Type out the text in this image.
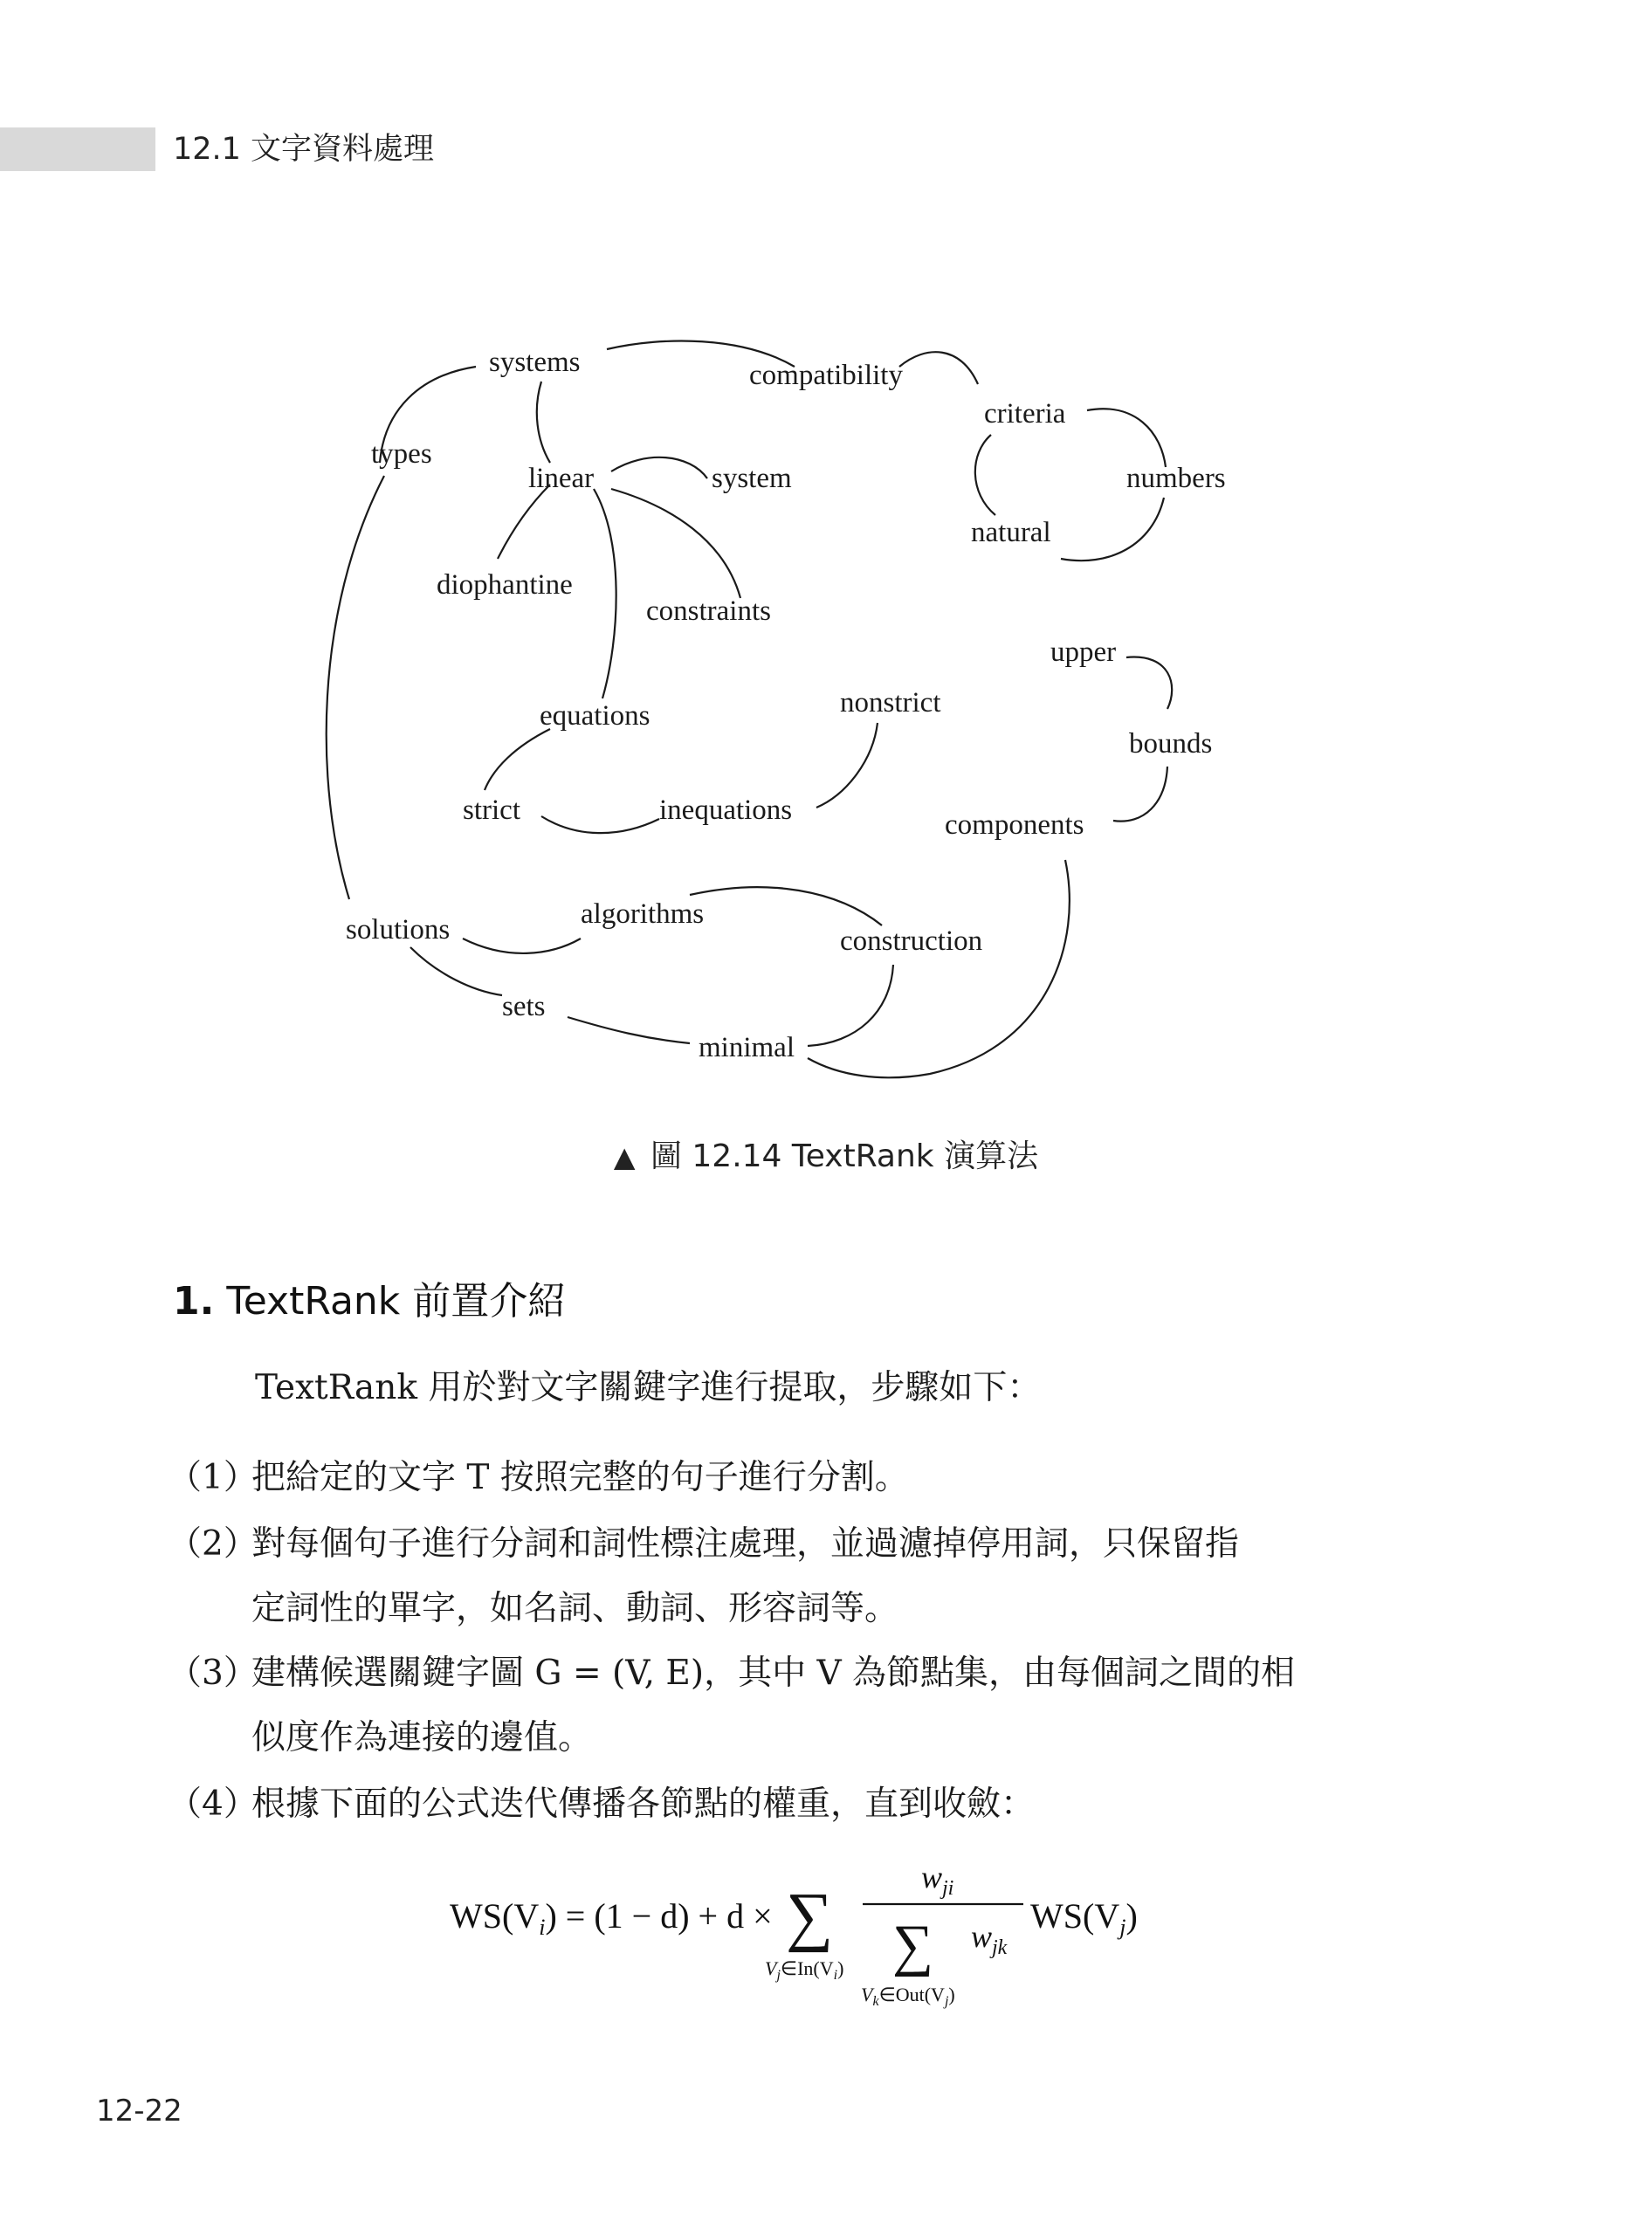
12.1 文字資料處理
systems	compatibility
criteria
types
linear	system	numbers
natural
diophantine
constraints
upper
nonstrict
equations
bounds
strict	inequations	components
solutions	algorithms
construction
sets
minimal
▲ 圖 12.14 TextRank 演算法
1. TextRank 前置介紹
TextRank 用於對文字關鍵字進行提取，步驟如下：
（1）把給定的文字 T 按照完整的句子進行分割。
（2）對每個句子進行分詞和詞性標注處理，並過濾掉停用詞，只保留指
定詞性的單字，如名詞、動詞、形容詞等。
（3）建構候選關鍵字圖 G = (V, E)，其中 V 為節點集，由每個詞之間的相
似度作為連接的邊值。
（4）根據下面的公式迭代傳播各節點的權重，直到收斂：
$WS(V_i) = (1 - d) + d$ × ∑
$V_j\in In(V_i)$
$w_{ji}$
∑ $w_{jk}$
$V_k\in Out(V_j)$
$WS(V_j)$
12-22
